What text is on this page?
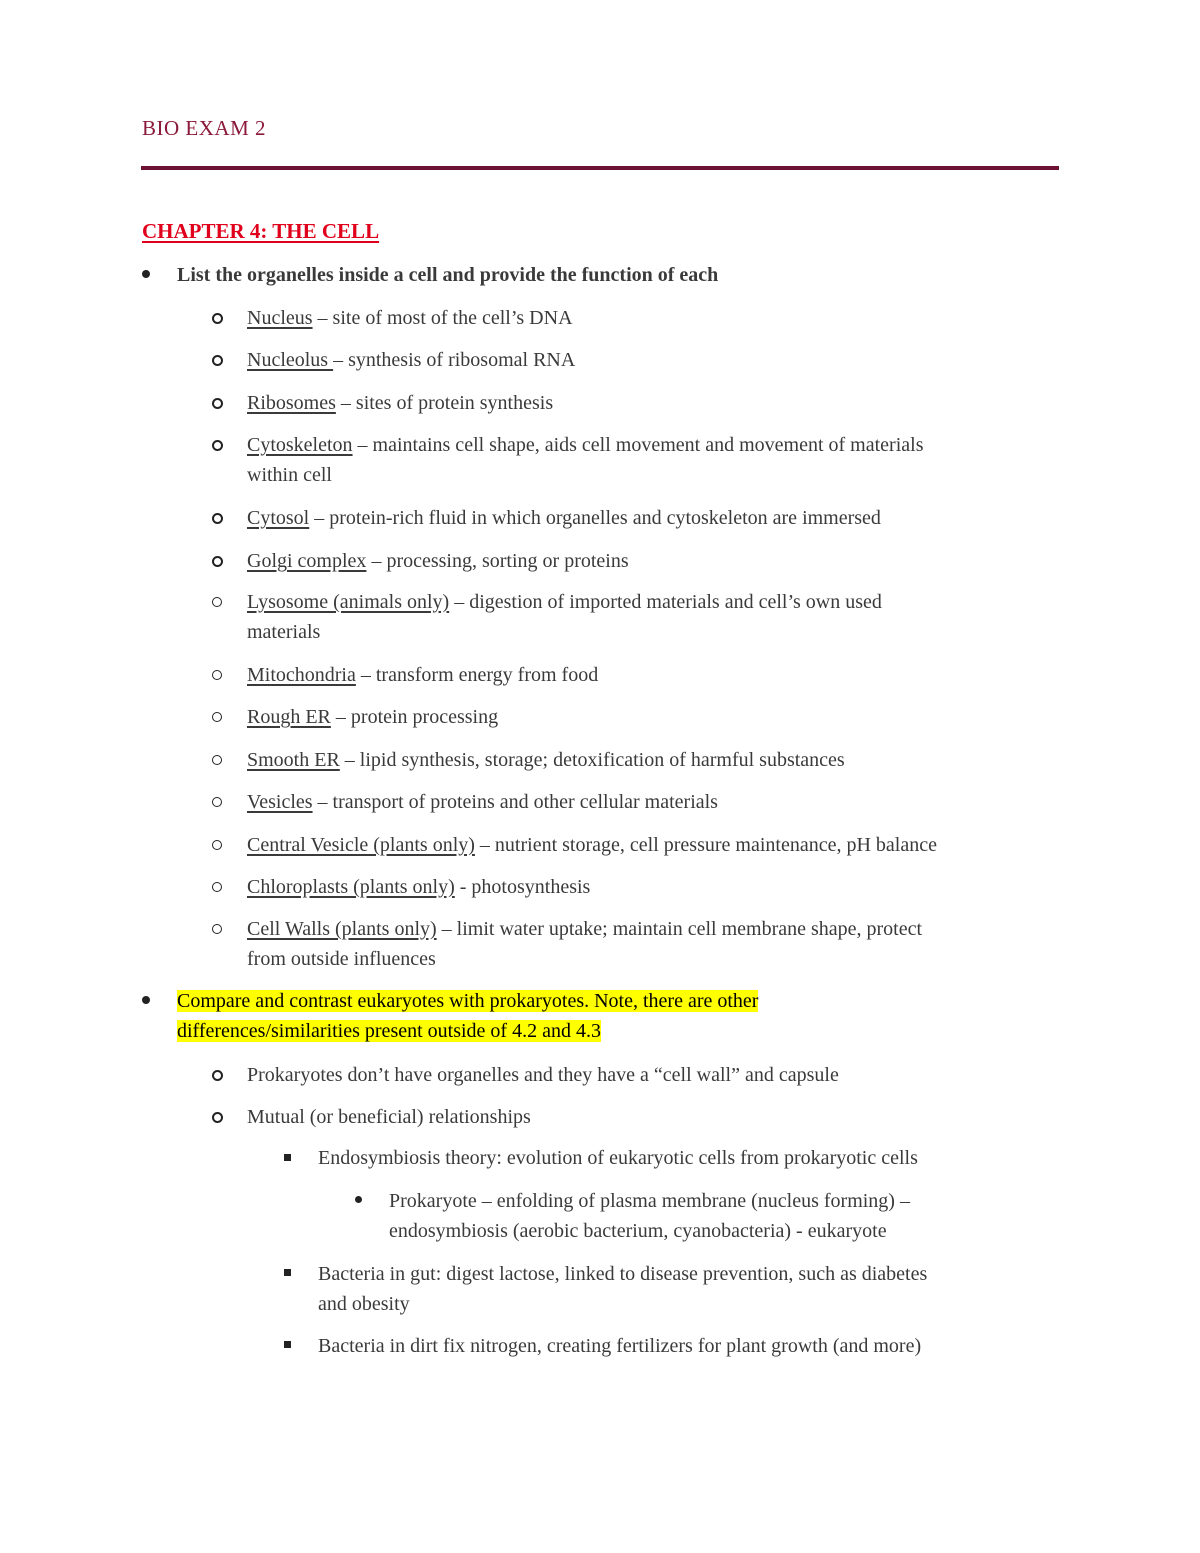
BIO EXAM 2
CHAPTER 4: THE CELL
List the organelles inside a cell and provide the function of each
Nucleus – site of most of the cell’s DNA
Nucleolus – synthesis of ribosomal RNA
Ribosomes – sites of protein synthesis
Cytoskeleton – maintains cell shape, aids cell movement and movement of materials
within cell
Cytosol – protein-rich fluid in which organelles and cytoskeleton are immersed
Golgi complex – processing, sorting or proteins
Lysosome (animals only) – digestion of imported materials and cell’s own used
materials
Mitochondria – transform energy from food
Rough ER – protein processing
Smooth ER – lipid synthesis, storage; detoxification of harmful substances
Vesicles – transport of proteins and other cellular materials
Central Vesicle (plants only) – nutrient storage, cell pressure maintenance, pH balance
Chloroplasts (plants only) - photosynthesis
Cell Walls (plants only) – limit water uptake; maintain cell membrane shape, protect
from outside influences
Compare and contrast eukaryotes with prokaryotes. Note, there are other
differences/similarities present outside of 4.2 and 4.3
Prokaryotes don’t have organelles and they have a “cell wall” and capsule
Mutual (or beneficial) relationships
Endosymbiosis theory: evolution of eukaryotic cells from prokaryotic cells
Prokaryote – enfolding of plasma membrane (nucleus forming) –
endosymbiosis (aerobic bacterium, cyanobacteria) - eukaryote
Bacteria in gut: digest lactose, linked to disease prevention, such as diabetes
and obesity
Bacteria in dirt fix nitrogen, creating fertilizers for plant growth (and more)
